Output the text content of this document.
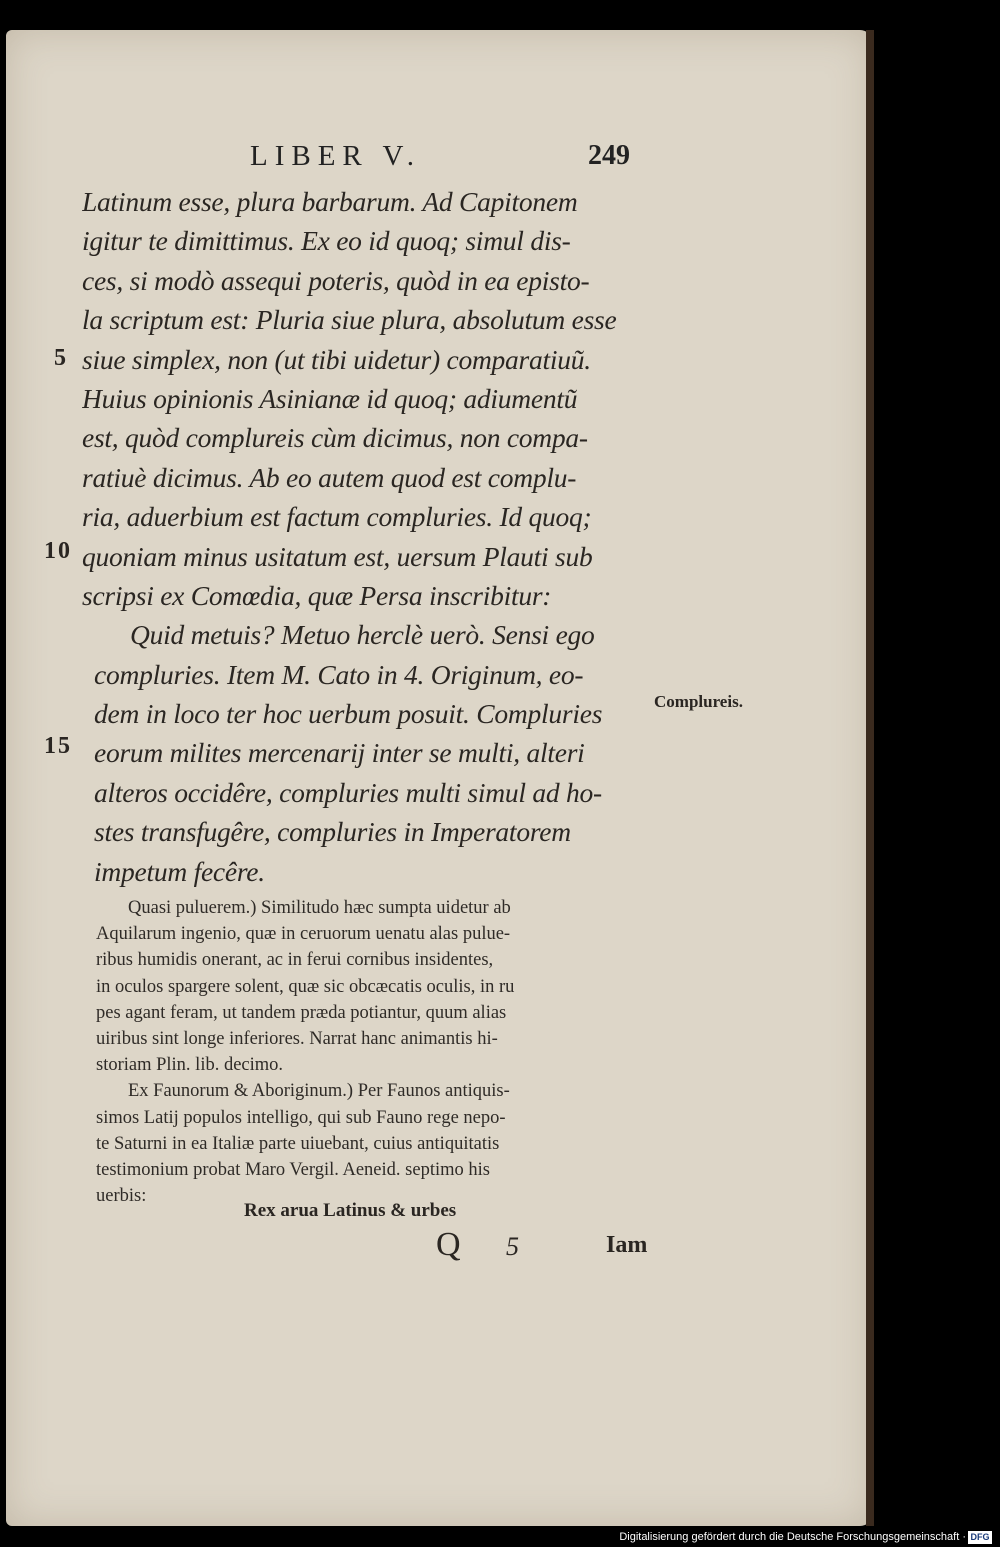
LIBER V.	249
5
10
15
Latinum esse, plura barbarum. Ad Capitonem
igitur te dimittimus. Ex eo id quoq; simul dis-
ces, si modò assequi poteris, quòd in ea episto-
la scriptum est: Pluria siue plura, absolutum esse
siue simplex, non (ut tibi uidetur) comparatiuũ.
Huius opinionis Asinianæ id quoq; adiumentũ
est, quòd complureis cùm dicimus, non compa-
ratiuè dicimus. Ab eo autem quod est complu-
ria, aduerbium est factum compluries. Id quoq;
quoniam minus usitatum est, uersum Plauti sub
scripsi ex Comœdia, quæ Persa inscribitur:
Quid metuis? Metuo herclè uerò. Sensi ego
compluries. Item M. Cato in 4. Originum, eo-
dem in loco ter hoc uerbum posuit. Compluries
eorum milites mercenarij inter se multi, alteri
alteros occidêre, compluries multi simul ad ho-
stes transfugêre, compluries in Imperatorem
impetum fecêre.
Complureis.
Quasi puluerem.) Similitudo hæc sumpta uidetur ab
Aquilarum ingenio, quæ in ceruorum uenatu alas pulue-
ribus humidis onerant, ac in ferui cornibus insidentes,
in oculos spargere solent, quæ sic obcæcatis oculis, in ru
pes agant feram, ut tandem præda potiantur, quum alias
uiribus sint longe inferiores. Narrat hanc animantis hi-
storiam Plin. lib. decimo.
Ex Faunorum & Aboriginum.) Per Faunos antiquis-
simos Latij populos intelligo, qui sub Fauno rege nepo-
te Saturni in ea Italiæ parte uiuebant, cuius antiquitatis
testimonium probat Maro Vergil. Aeneid. septimo his
uerbis:
Rex arua Latinus & urbes
Q 5	Iam
Digitalisierung gefördert durch die Deutsche Forschungsgemeinschaft · DFG
